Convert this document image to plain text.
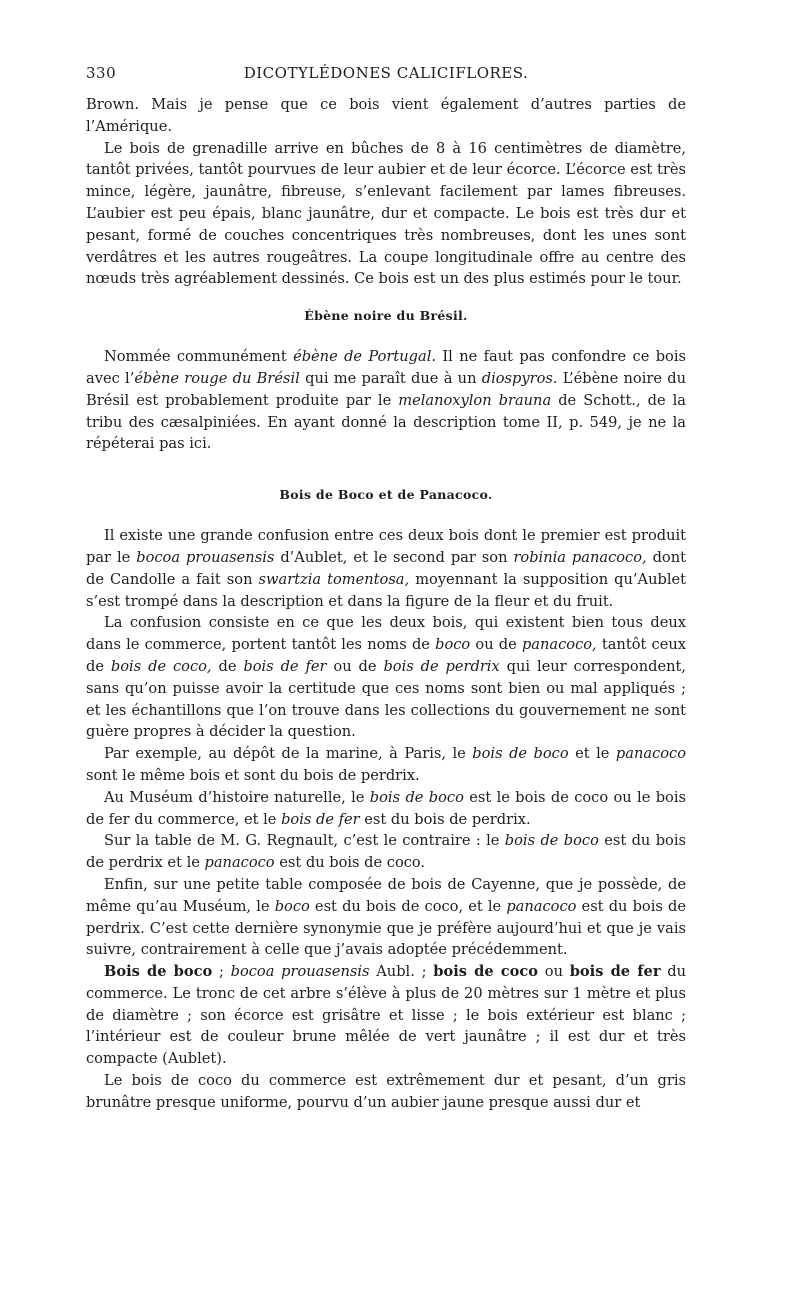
330	DICOTYLÉDONES CALICIFLORES.

Brown. Mais je pense que ce bois vient également d’autres parties de l’Amérique.

Le bois de grenadille arrive en bûches de 8 à 16 centimètres de diamètre, tantôt privées, tantôt pourvues de leur aubier et de leur écorce. L’écorce est très mince, légère, jaunâtre, fibreuse, s’enlevant facilement par lames fibreuses. L’aubier est peu épais, blanc jaunâtre, dur et compacte. Le bois est très dur et pesant, formé de couches concentriques très nombreuses, dont les unes sont verdâtres et les autres rougeâtres. La coupe longitudinale offre au centre des nœuds très agréablement dessinés. Ce bois est un des plus estimés pour le tour.

Ébène noire du Brésil.

Nommée communément ébène de Portugal. Il ne faut pas confondre ce bois avec l’ébène rouge du Brésil qui me paraît due à un diospyros. L’ébène noire du Brésil est probablement produite par le melanoxylon brauna de Schott., de la tribu des cæsalpiniées. En ayant donné la description tome II, p. 549, je ne la répéterai pas ici.

Bois de Boco et de Panacoco.

Il existe une grande confusion entre ces deux bois dont le premier est produit par le bocoa prouasensis d’Aublet, et le second par son robinia panacoco, dont de Candolle a fait son swartzia tomentosa, moyennant la supposition qu’Aublet s’est trompé dans la description et dans la figure de la fleur et du fruit.

La confusion consiste en ce que les deux bois, qui existent bien tous deux dans le commerce, portent tantôt les noms de boco ou de panacoco, tantôt ceux de bois de coco, de bois de fer ou de bois de perdrix qui leur correspondent, sans qu’on puisse avoir la certitude que ces noms sont bien ou mal appliqués ; et les échantillons que l’on trouve dans les collections du gouvernement ne sont guère propres à décider la question.

Par exemple, au dépôt de la marine, à Paris, le bois de boco et le panacoco sont le même bois et sont du bois de perdrix.

Au Muséum d’histoire naturelle, le bois de boco est le bois de coco ou le bois de fer du commerce, et le bois de fer est du bois de perdrix.

Sur la table de M. G. Regnault, c’est le contraire : le bois de boco est du bois de perdrix et le panacoco est du bois de coco.

Enfin, sur une petite table composée de bois de Cayenne, que je possède, de même qu’au Muséum, le boco est du bois de coco, et le panacoco est du bois de perdrix. C’est cette dernière synonymie que je préfère aujourd’hui et que je vais suivre, contrairement à celle que j’avais adoptée précédemment.

Bois de boco ; bocoa prouasensis Aubl. ; bois de coco ou bois de fer du commerce. Le tronc de cet arbre s’élève à plus de 20 mètres sur 1 mètre et plus de diamètre ; son écorce est grisâtre et lisse ; le bois extérieur est blanc ; l’intérieur est de couleur brune mêlée de vert jaunâtre ; il est dur et très compacte (Aublet).

Le bois de coco du commerce est extrêmement dur et pesant, d’un gris brunâtre presque uniforme, pourvu d’un aubier jaune presque aussi dur et
